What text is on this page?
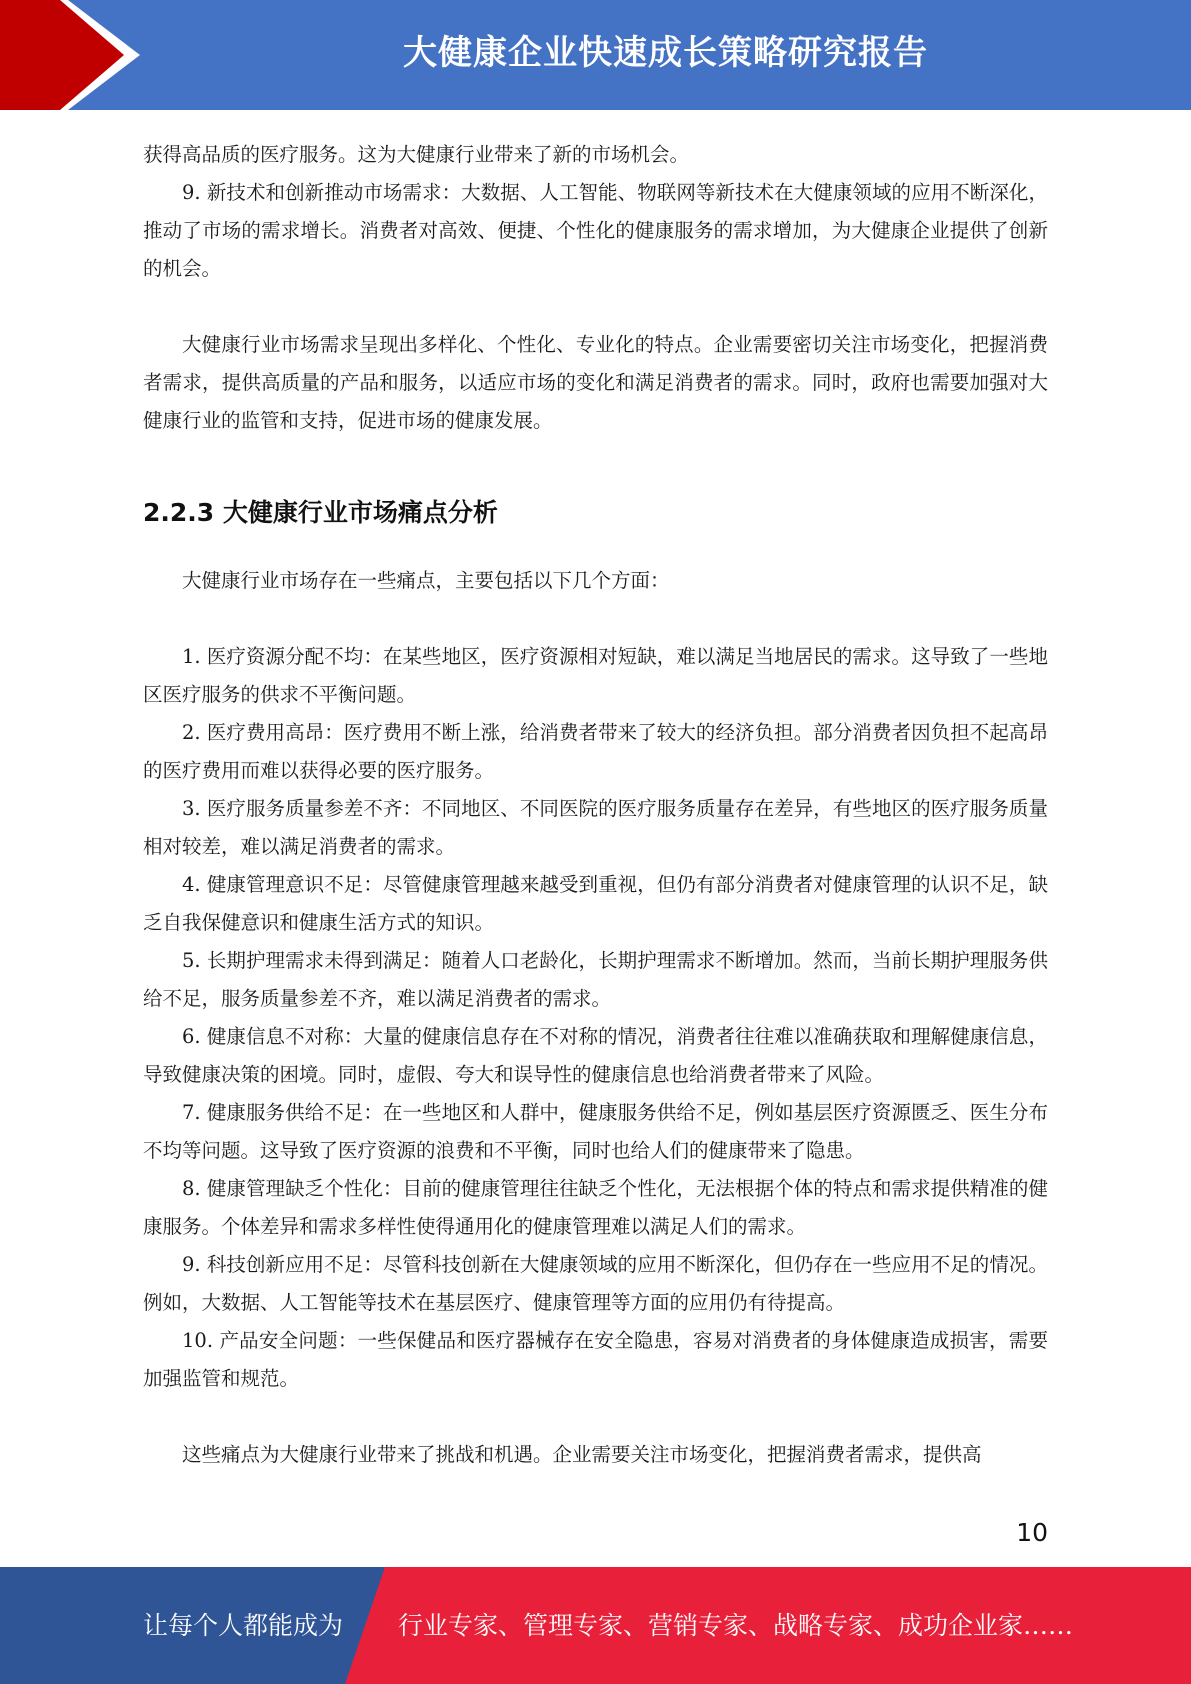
大健康企业快速成长策略研究报告

获得高品质的医疗服务。这为大健康行业带来了新的市场机会。

9. 新技术和创新推动市场需求：大数据、人工智能、物联网等新技术在大健康领域的应用不断深化，推动了市场的需求增长。消费者对高效、便捷、个性化的健康服务的需求增加，为大健康企业提供了创新的机会。

大健康行业市场需求呈现出多样化、个性化、专业化的特点。企业需要密切关注市场变化，把握消费者需求，提供高质量的产品和服务，以适应市场的变化和满足消费者的需求。同时，政府也需要加强对大健康行业的监管和支持，促进市场的健康发展。

2.2.3 大健康行业市场痛点分析

大健康行业市场存在一些痛点，主要包括以下几个方面：

1. 医疗资源分配不均：在某些地区，医疗资源相对短缺，难以满足当地居民的需求。这导致了一些地区医疗服务的供求不平衡问题。

2. 医疗费用高昂：医疗费用不断上涨，给消费者带来了较大的经济负担。部分消费者因负担不起高昂的医疗费用而难以获得必要的医疗服务。

3. 医疗服务质量参差不齐：不同地区、不同医院的医疗服务质量存在差异，有些地区的医疗服务质量相对较差，难以满足消费者的需求。

4. 健康管理意识不足：尽管健康管理越来越受到重视，但仍有部分消费者对健康管理的认识不足，缺乏自我保健意识和健康生活方式的知识。

5. 长期护理需求未得到满足：随着人口老龄化，长期护理需求不断增加。然而，当前长期护理服务供给不足，服务质量参差不齐，难以满足消费者的需求。

6. 健康信息不对称：大量的健康信息存在不对称的情况，消费者往往难以准确获取和理解健康信息，导致健康决策的困境。同时，虚假、夸大和误导性的健康信息也给消费者带来了风险。

7. 健康服务供给不足：在一些地区和人群中，健康服务供给不足，例如基层医疗资源匮乏、医生分布不均等问题。这导致了医疗资源的浪费和不平衡，同时也给人们的健康带来了隐患。

8. 健康管理缺乏个性化：目前的健康管理往往缺乏个性化，无法根据个体的特点和需求提供精准的健康服务。个体差异和需求多样性使得通用化的健康管理难以满足人们的需求。

9. 科技创新应用不足：尽管科技创新在大健康领域的应用不断深化，但仍存在一些应用不足的情况。例如，大数据、人工智能等技术在基层医疗、健康管理等方面的应用仍有待提高。

10. 产品安全问题：一些保健品和医疗器械存在安全隐患，容易对消费者的身体健康造成损害，需要加强监管和规范。

这些痛点为大健康行业带来了挑战和机遇。企业需要关注市场变化，把握消费者需求，提供高

10
让每个人都能成为 行业专家、管理专家、营销专家、战略专家、成功企业家……
